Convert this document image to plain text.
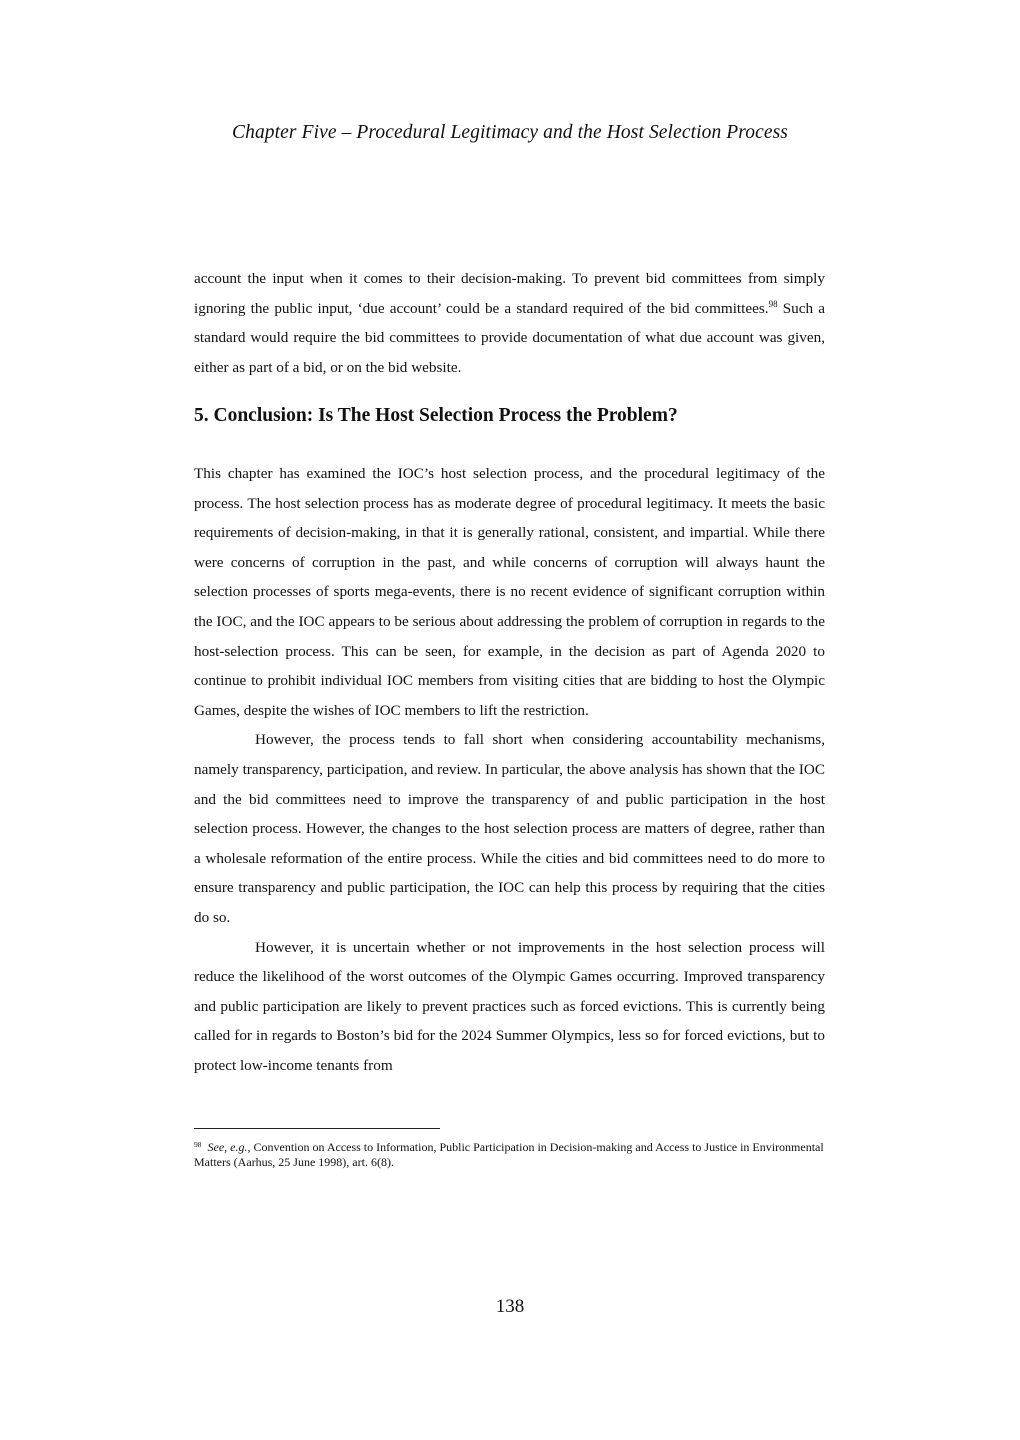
Chapter Five – Procedural Legitimacy and the Host Selection Process

account the input when it comes to their decision-making. To prevent bid committees from simply ignoring the public input, ‘due account’ could be a standard required of the bid committees.$^{98}$ Such a standard would require the bid committees to provide documentation of what due account was given, either as part of a bid, or on the bid website.

5. Conclusion: Is The Host Selection Process the Problem?

This chapter has examined the IOC’s host selection process, and the procedural legitimacy of the process. The host selection process has as moderate degree of procedural legitimacy. It meets the basic requirements of decision-making, in that it is generally rational, consistent, and impartial. While there were concerns of corruption in the past, and while concerns of corruption will always haunt the selection processes of sports mega-events, there is no recent evidence of significant corruption within the IOC, and the IOC appears to be serious about addressing the problem of corruption in regards to the host-selection process. This can be seen, for example, in the decision as part of Agenda 2020 to continue to prohibit individual IOC members from visiting cities that are bidding to host the Olympic Games, despite the wishes of IOC members to lift the restriction.

However, the process tends to fall short when considering accountability mechanisms, namely transparency, participation, and review. In particular, the above analysis has shown that the IOC and the bid committees need to improve the transparency of and public participation in the host selection process. However, the changes to the host selection process are matters of degree, rather than a wholesale reformation of the entire process. While the cities and bid committees need to do more to ensure transparency and public participation, the IOC can help this process by requiring that the cities do so.

However, it is uncertain whether or not improvements in the host selection process will reduce the likelihood of the worst outcomes of the Olympic Games occurring. Improved transparency and public participation are likely to prevent practices such as forced evictions. This is currently being called for in regards to Boston’s bid for the 2024 Summer Olympics, less so for forced evictions, but to protect low-income tenants from

$^{98}$ See, e.g., Convention on Access to Information, Public Participation in Decision-making and Access to Justice in Environmental Matters (Aarhus, 25 June 1998), art. 6(8).
138
